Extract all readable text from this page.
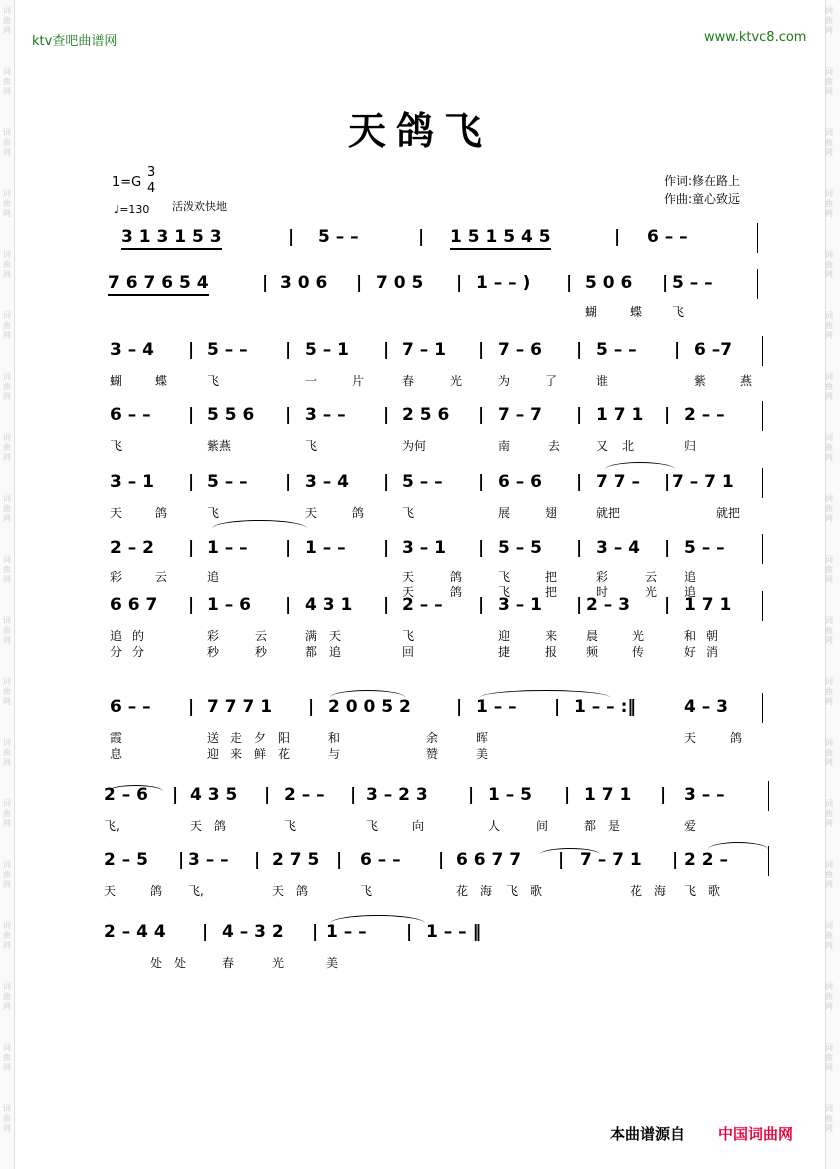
ktv查吧曲谱网	www.ktvc8.com
天鸽飞
作词:修在路上
作曲:童心致远
1=G
3
4
♩=130 活泼欢快地
3 1 3 1 5 3	| 5 – –	| 1 5 1 5 4 5	| 6 – –
7 6 7 6 5 4	| 3 0 6 | 7 0 5 | 1 – – ) | 5 0 6 | 5 – –
蝴	蝶 飞
3 – 4 | 5 – – | 5 – 1 | 7 – 1 | 7 – 6 | 5 – – | 6 –7
蝴	蝶	飞	一	片	春	光	为	了	谁	紫	燕
6 – – | 5 5 6 | 3 – – | 2 5 6 | 7 – 7 | 1 7 1 | 2 – –
飞	紫燕	飞	为何	南	去	又 北	归
3 – 1 | 5 – – | 3 – 4 | 5 – – | 6 – 6 | 7 7 – | 7 – 7 1
天	鸽	飞	天	鸽	飞	展	翅	就把	就把
2 – 2 | 1 – – | 1 – – | 3 – 1 | 5 – 5 | 3 – 4 | 5 – –
彩	云	追	天	鸽	飞	把	彩	云 追
天	鸽	飞	把	时	光 追
6 6 7 | 1 – 6 | 4 3 1 | 2 – – | 3 – 1 | 2 – 3 | 1 7 1
追 的	彩	云	满 天	飞	迎	来 晨	光	和 朝
分 分	秒	秒	都 追	回	捷	报 频	传	好 消
6 – – | 7 7 7 1 | 2 0 0 5 2	| 1 – – | 1 – – :‖	4 – 3
霞	送 走 夕 阳	和	余	晖	天	鸽
息	迎 来 鲜 花	与	赞	美
2 – 6 | 4 3 5 | 2 – – | 3 – 2 3 | 1 – 5 | 1 7 1 | 3 – –
飞,	天 鸽	飞	飞	向	人	间	都 是	爱
2 – 5 | 3 – – | 2 7 5 | 6 – – | 6 6 7 7 | 7 – 7 1 | 2 2 –
天	鸽 飞,	天 鸽	飞	花 海 飞 歌	花 海 飞 歌
2 – 4 4 | 4 – 3 2 | 1 – – | 1 – – ‖
处 处	春	光	美
词曲网
词曲网
词曲网
词曲网
词曲网
词曲网
词曲网
词曲网
词曲网
词曲网
词曲网
词曲网
词曲网
词曲网
词曲网
词曲网
词曲网
词曲网
词曲网
词曲网
词曲网
词曲网
词曲网
词曲网
词曲网
词曲网
词曲网
词曲网
词曲网
词曲网
词曲网
词曲网
词曲网
词曲网
词曲网
词曲网
词曲网
词曲网
本曲谱源自 中国词曲网
